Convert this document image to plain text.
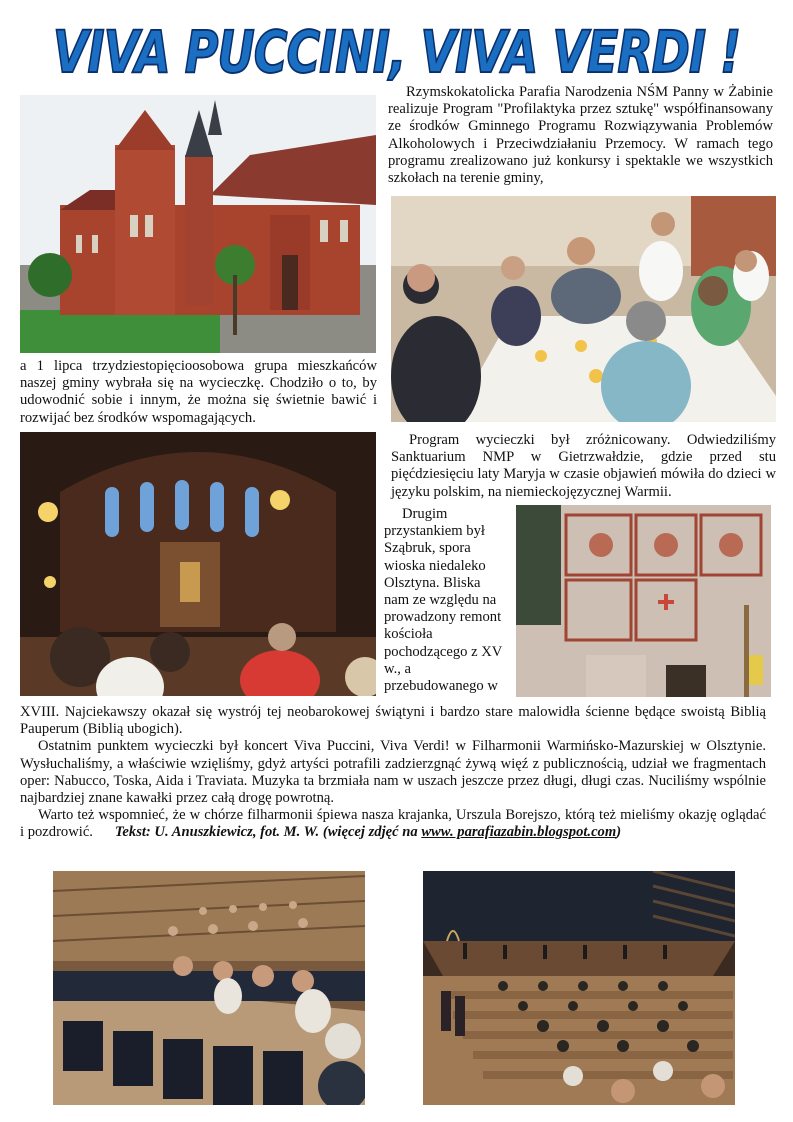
VIVA PUCCINI, VIVA VERDI !

Rzymskokatolicka Parafia Narodzenia NŚM Panny w Żabinie realizuje Program "Profilaktyka przez sztukę" współfinansowany ze środków Gminnego Programu Rozwiązywania Problemów Alkoholowych i Przeciwdziałaniu Przemocy. W ramach tego programu zrealizowano już konkursy i spektakle we wszystkich szkołach na terenie gminy,

a 1 lipca trzydziestopięcioosobowa grupa mieszkańców naszej gminy wybrała się na wycieczkę. Chodziło o to, by udowodnić sobie i innym, że można się świetnie bawić i rozwijać bez środków wspomagających.

Program wycieczki był zróżnicowany. Odwiedziliśmy Sanktuarium NMP w Gietrzwałdzie, gdzie przed stu pięćdziesięciu laty Maryja w czasie objawień mówiła do dzieci w języku polskim, na niemieckojęzycznej Warmii.

Drugim przystankiem był Sząbruk, spora wioska niedaleko Olsztyna. Bliska nam ze względu na prowadzony remont kościoła pochodzącego z XV w., a przebudowanego w

XVIII. Najciekawszy okazał się wystrój tej neobarokowej świątyni i bardzo stare malowidła ścienne będące swoistą Biblią Pauperum (Biblią ubogich).

Ostatnim punktem wycieczki był koncert Viva Puccini, Viva Verdi! w Filharmonii Warmińsko-Mazurskiej w Olsztynie. Wysłuchaliśmy, a właściwie wzięliśmy, gdyż artyści potrafili zadzierzgnąć żywą więź z publicznością, udział we fragmentach oper: Nabucco, Toska, Aida i Traviata. Muzyka ta brzmiała nam w uszach jeszcze przez długi, długi czas. Nuciliśmy wspólnie najbardziej znane kawałki przez całą drogę powrotną.

Warto też wspomnieć, że w chórze filharmonii śpiewa nasza krajanka, Urszula Borejszo, którą też mieliśmy okazję oglądać i pozdrowić. Tekst: U. Anuszkiewicz, fot. M. W. (więcej zdjęć na www. parafiazabin.blogspot.com)
